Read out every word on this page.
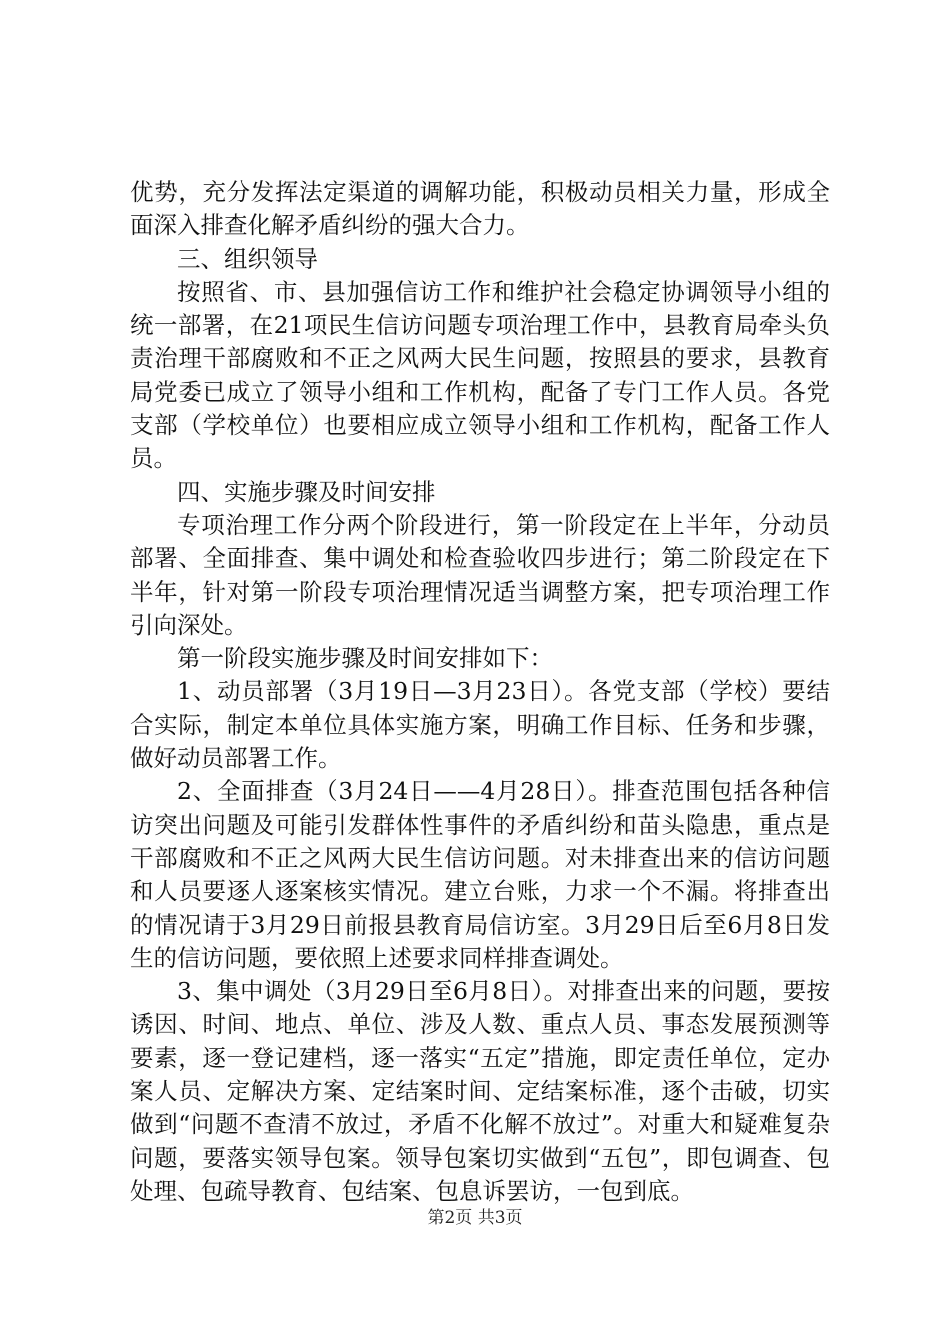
优势，充分发挥法定渠道的调解功能，积极动员相关力量，形成全面深入排查化解矛盾纠纷的强大合力。

三、组织领导

按照省、市、县加强信访工作和维护社会稳定协调领导小组的统一部署，在21项民生信访问题专项治理工作中，县教育局牵头负责治理干部腐败和不正之风两大民生问题，按照县的要求，县教育局党委已成立了领导小组和工作机构，配备了专门工作人员。各党支部（学校单位）也要相应成立领导小组和工作机构，配备工作人员。

四、实施步骤及时间安排

专项治理工作分两个阶段进行，第一阶段定在上半年，分动员部署、全面排查、集中调处和检查验收四步进行；第二阶段定在下半年，针对第一阶段专项治理情况适当调整方案，把专项治理工作引向深处。

第一阶段实施步骤及时间安排如下：

1、动员部署（3月19日—3月23日）。各党支部（学校）要结合实际，制定本单位具体实施方案，明确工作目标、任务和步骤，做好动员部署工作。

2、全面排查（3月24日——4月28日）。排查范围包括各种信访突出问题及可能引发群体性事件的矛盾纠纷和苗头隐患，重点是干部腐败和不正之风两大民生信访问题。对未排查出来的信访问题和人员要逐人逐案核实情况。建立台账，力求一个不漏。将排查出的情况请于3月29日前报县教育局信访室。3月29日后至6月8日发生的信访问题，要依照上述要求同样排查调处。

3、集中调处（3月29日至6月8日）。对排查出来的问题，要按诱因、时间、地点、单位、涉及人数、重点人员、事态发展预测等要素，逐一登记建档，逐一落实“五定”措施，即定责任单位，定办案人员、定解决方案、定结案时间、定结案标准，逐个击破，切实做到“问题不查清不放过，矛盾不化解不放过”。对重大和疑难复杂问题，要落实领导包案。领导包案切实做到“五包”，即包调查、包处理、包疏导教育、包结案、包息诉罢访，一包到底。

第2页 共3页
